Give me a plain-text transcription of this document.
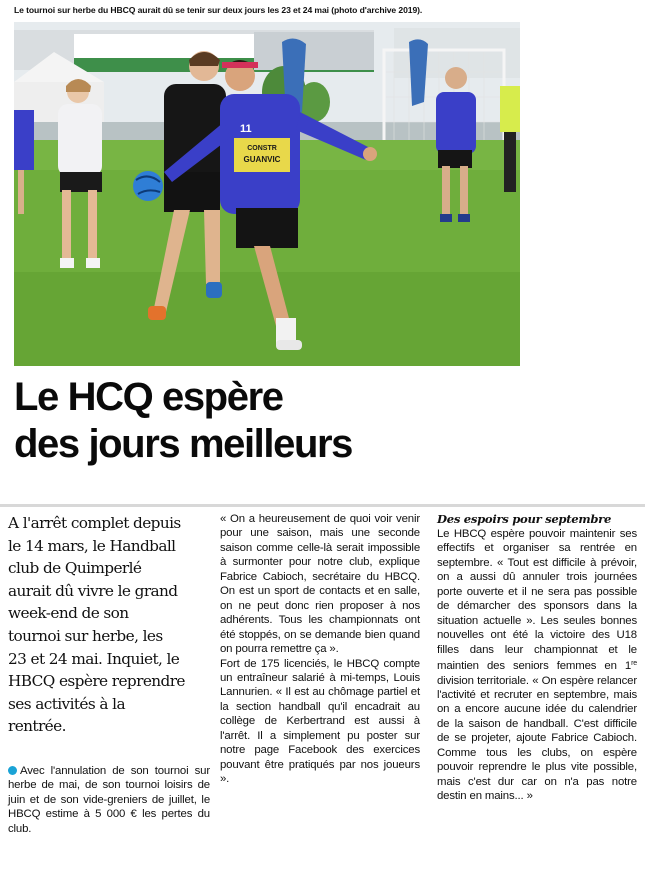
Le tournoi sur herbe du HBCQ aurait dû se tenir sur deux jours les 23 et 24 mai (photo d'archive 2019).
CONSTR
GUANVIC
11
Le HCQ espère
des jours meilleurs
A l'arrêt complet depuis
le 14 mars, le Handball
club de Quimperlé
aurait dû vivre le grand
week-end de son
tournoi sur herbe, les
23 et 24 mai. Inquiet, le
HBCQ espère reprendre
ses activités à la
rentrée.
Avec l'annulation de son tournoi sur herbe de mai, de son tournoi loisirs de juin et de son vide-greniers de juillet, le HBCQ estime à 5 000 € les pertes du club.

« On a heureusement de quoi voir venir pour une saison, mais une seconde saison comme celle-là serait impossible à surmonter pour notre club, explique Fabrice Cabioch, secrétaire du HBCQ. On est un sport de contacts et en salle, on ne peut donc rien proposer à nos adhérents. Tous les championnats ont été stoppés, on se demande bien quand on pourra remettre ça ».

Fort de 175 licenciés, le HBCQ compte un entraîneur salarié à mi-temps, Louis Lannurien. « Il est au chômage partiel et la section handball qu'il encadrait au collège de Kerbertrand est aussi à l'arrêt. Il a simplement pu poster sur notre page Facebook des exercices pouvant être pratiqués par nos joueurs ».

Des espoirs pour septembre
Le HBCQ espère pouvoir maintenir ses effectifs et organiser sa rentrée en septembre. « Tout est difficile à prévoir, on a aussi dû annuler trois journées porte ouverte et il ne sera pas possible de démarcher des sponsors dans la situation actuelle ». Les seules bonnes nouvelles ont été la victoire des U18 filles dans leur championnat et le maintien des seniors femmes en 1re division territoriale. « On espère relancer l'activité et recruter en septembre, mais on a encore aucune idée du calendrier de la saison de handball. C'est difficile de se projeter, ajoute Fabrice Cabioch. Comme tous les clubs, on espère pouvoir reprendre le plus vite possible, mais c'est dur car on n'a pas notre destin en mains... »
